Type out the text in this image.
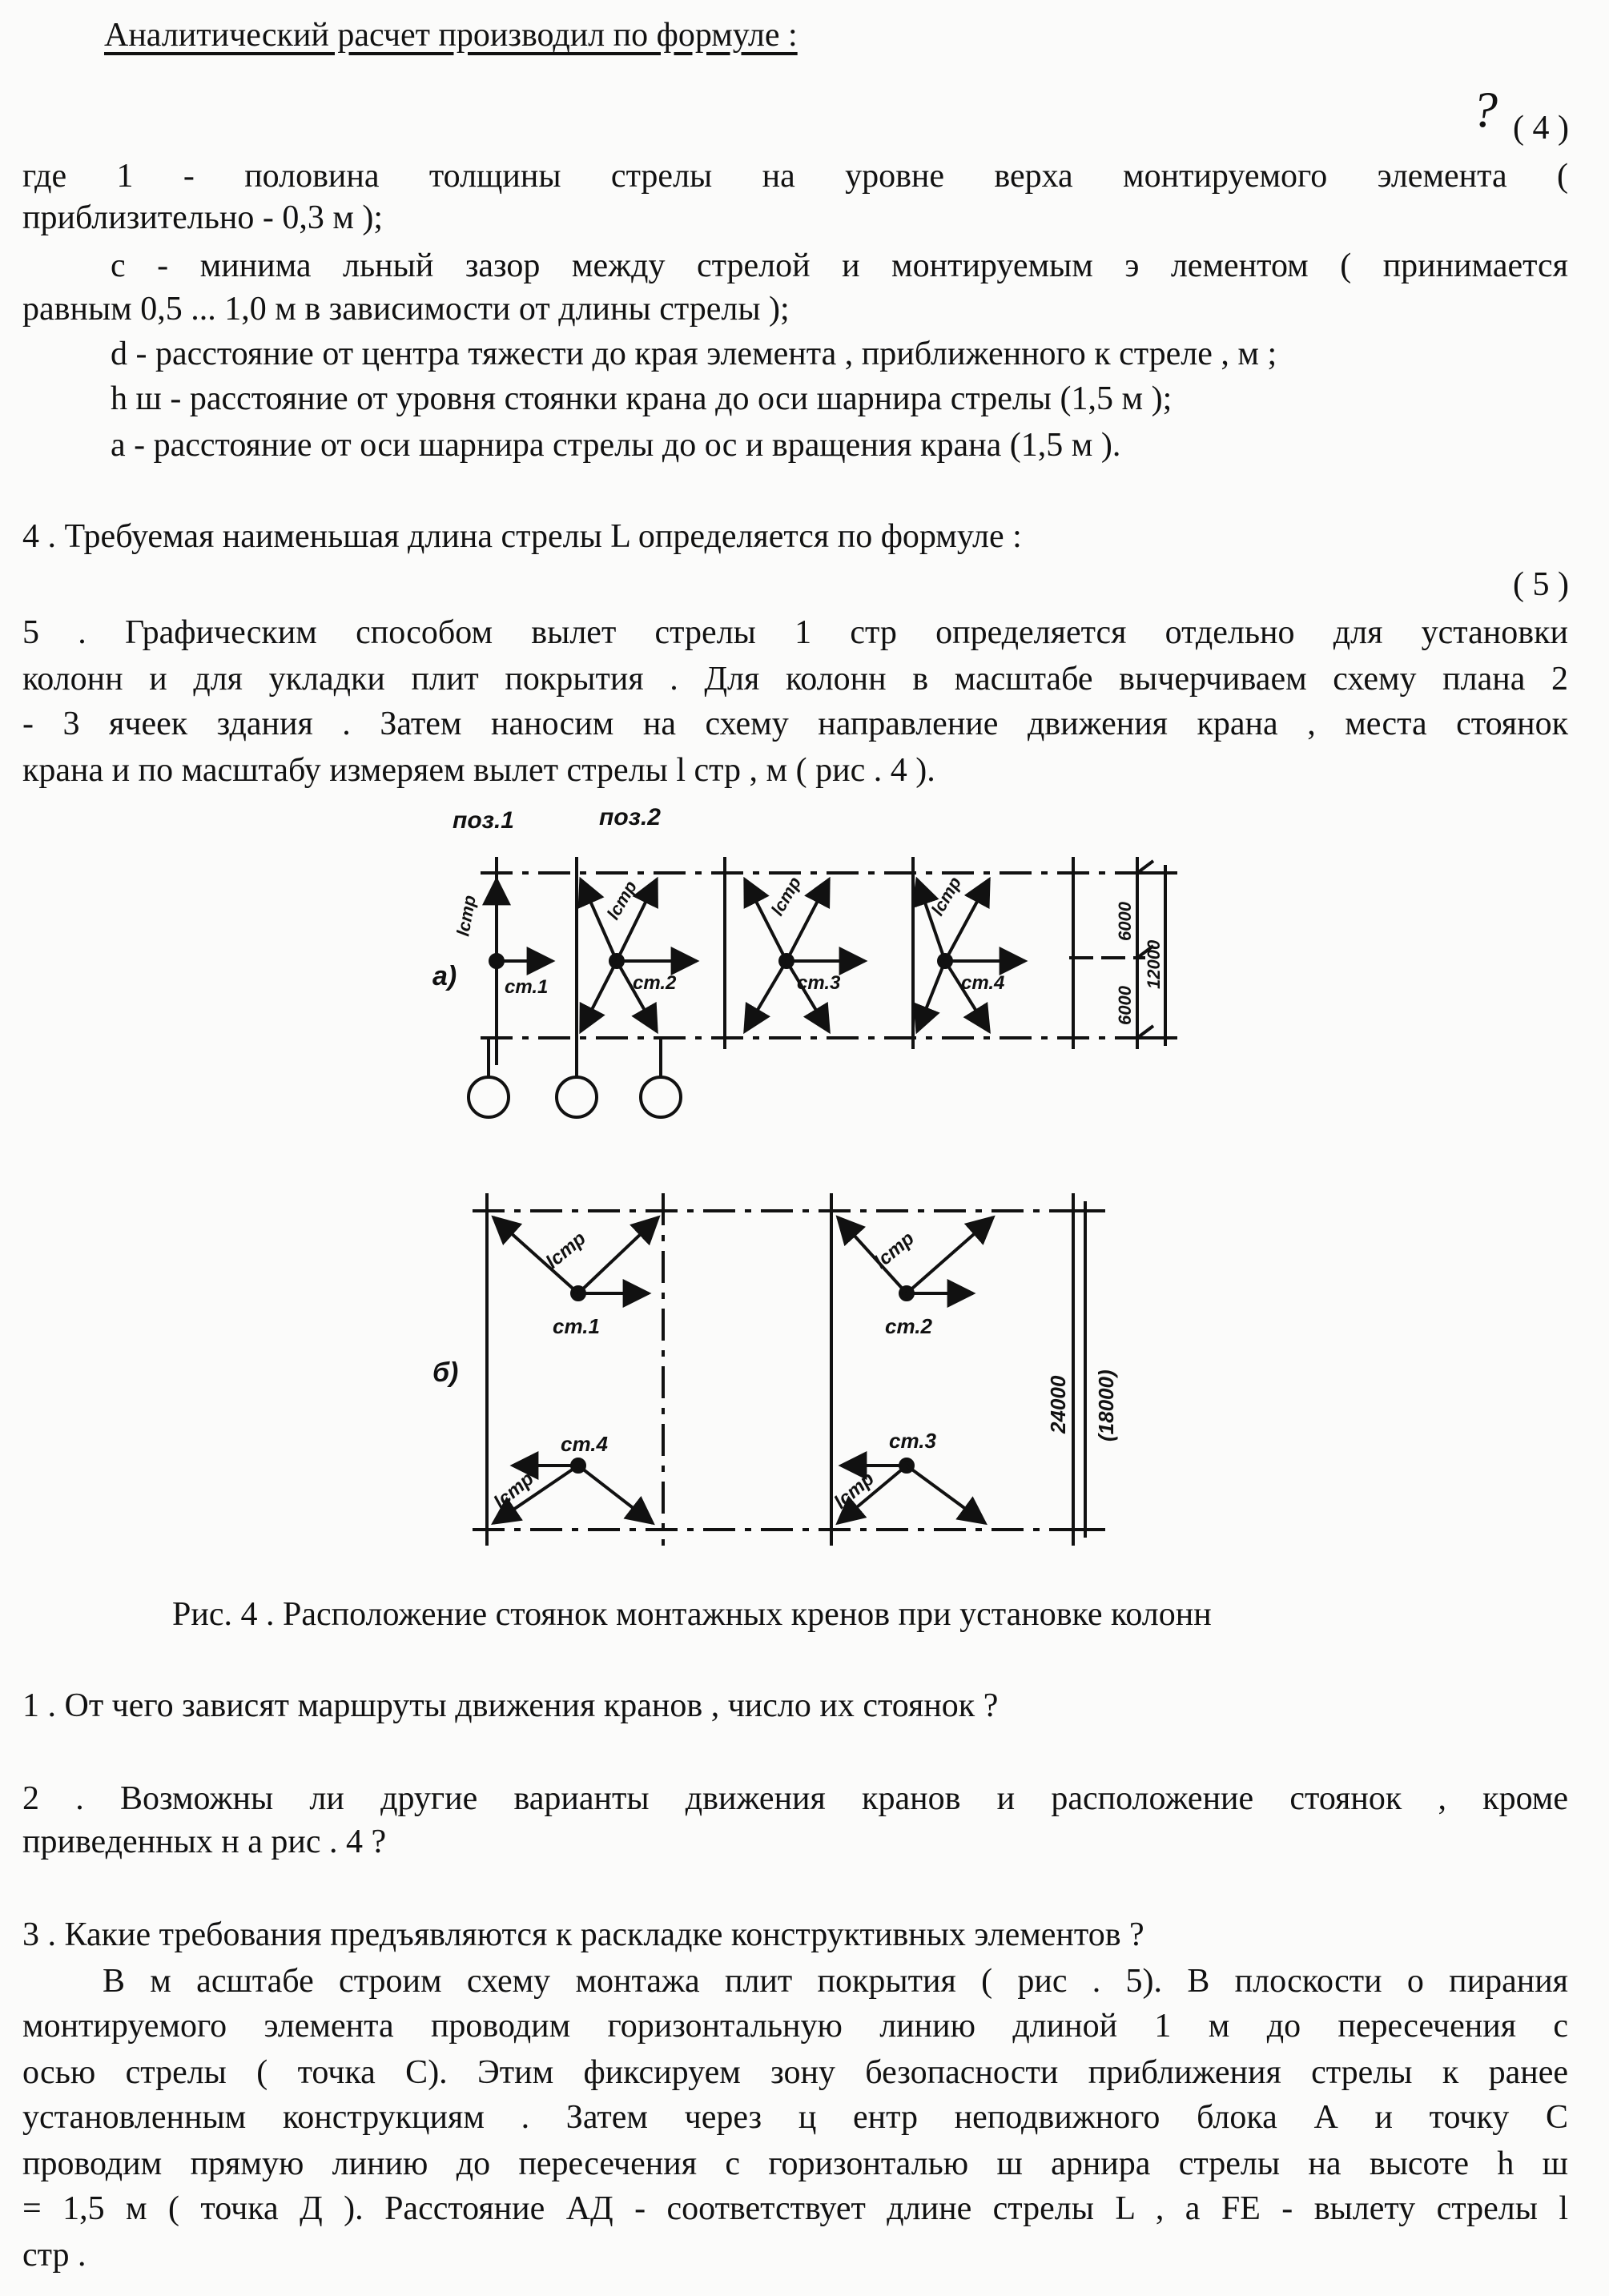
Аналитический расчет производил по формуле :
? ( 4 )
где 1 - половина толщины стрелы на уровне верха монтируемого элемента (
приблизительно - 0,3 м );
с - минима льный зазор между стрелой и монтируемым э лементом ( принимается
равным 0,5 ... 1,0 м в зависимости от длины стрелы );
d - расстояние от центра тяжести до края элемента , приближенного к стреле , м ;
h ш - расстояние от уровня стоянки крана до оси шарнира стрелы (1,5 м );
а - расстояние от оси шарнира стрелы до ос и вращения крана (1,5 м ).
4 . Требуемая наименьшая длина стрелы L определяется по формуле :
( 5 )
5 . Графическим способом вылет стрелы 1 стр определяется отдельно для установки
колонн и для укладки плит покрытия . Для колонн в масштабе вычерчиваем схему плана 2
- 3 ячеек здания . Затем наносим на схему направление движения крана , места стоянок
крана и по масштабу измеряем вылет стрелы l стр , м ( рис . 4 ).
поз.1	поз.2
а) ст.1	ст.2	ст.3	ст.4
lстр	lстр	lстр	lстр
6000
6000
12000
б)
ст.1	ст.2
ст.4	ст.3
lстр	lстр
lстр	lстр
24000 (18000)
Рис. 4 . Расположение стоянок монтажных кренов при установке колонн
1 . От чего зависят маршруты движения кранов , число их стоянок ?
2 . Возможны ли другие варианты движения кранов и расположение стоянок , кроме
приведенных н а рис . 4 ?
3 . Какие требования предъявляются к раскладке конструктивных элементов ?
В м асштабе строим схему монтажа плит покрытия ( рис . 5). В плоскости о пирания
монтируемого элемента проводим горизонтальную линию длиной 1 м до пересечения с
осью стрелы ( точка С). Этим фиксируем зону безопасности приближения стрелы к ранее
установленным конструкциям . Затем через ц ентр неподвижного блока А и точку С
проводим прямую линию до пересечения с горизонталью ш арнира стрелы на высоте h ш
= 1,5 м ( точка Д ). Расстояние АД - соответствует длине стрелы L , а FE - вылету стрелы l
стр .
